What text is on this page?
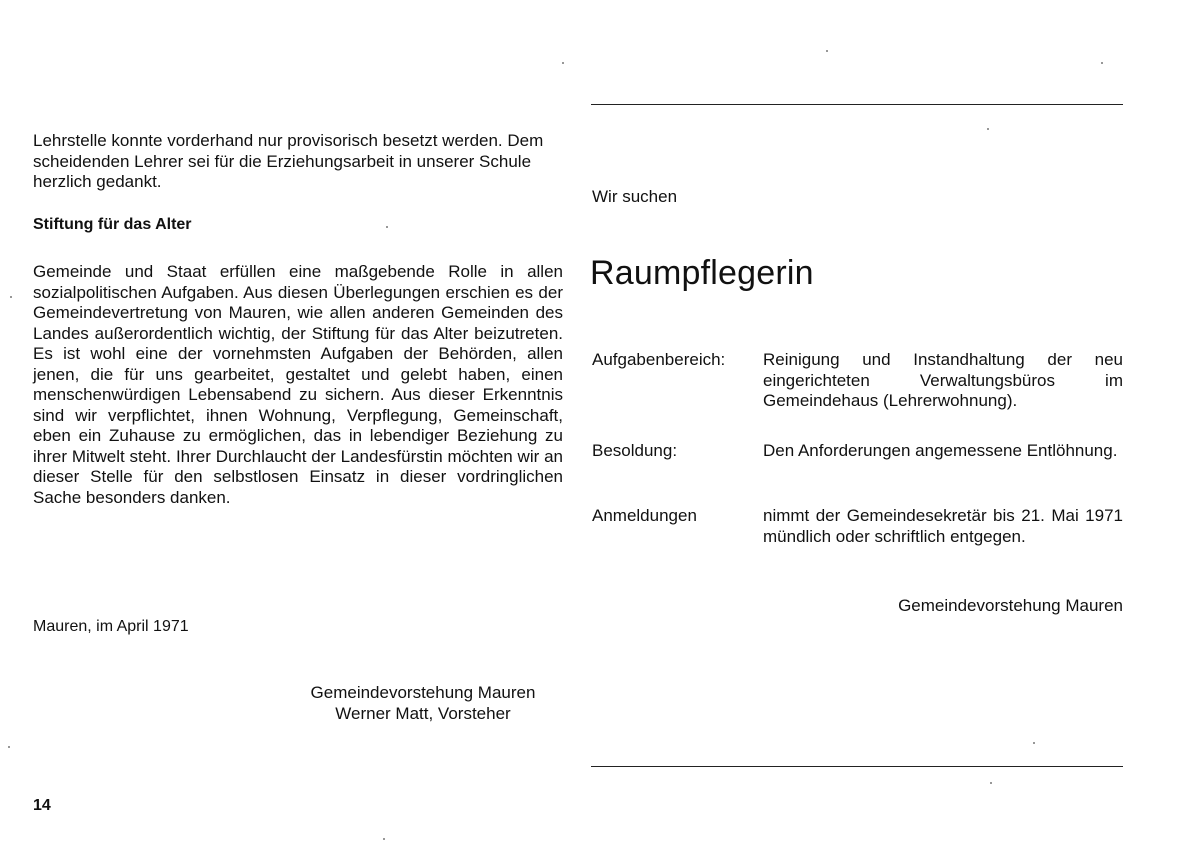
Lehrstelle konnte vorderhand nur provisorisch besetzt werden. Dem scheidenden Lehrer sei für die Erziehungsarbeit in unserer Schule herzlich gedankt.

Stiftung für das Alter

Gemeinde und Staat erfüllen eine maßgebende Rolle in allen sozialpolitischen Aufgaben. Aus diesen Überlegungen erschien es der Gemeindevertretung von Mauren, wie allen anderen Gemeinden des Landes außerordentlich wichtig, der Stiftung für das Alter beizutreten. Es ist wohl eine der vornehmsten Aufgaben der Behörden, allen jenen, die für uns gearbeitet, gestaltet und gelebt haben, einen menschenwürdigen Lebensabend zu sichern. Aus dieser Erkenntnis sind wir verpflichtet, ihnen Wohnung, Verpflegung, Gemeinschaft, eben ein Zuhause zu ermöglichen, das in lebendiger Beziehung zu ihrer Mitwelt steht. Ihrer Durchlaucht der Landesfürstin möchten wir an dieser Stelle für den selbstlosen Einsatz in dieser vordringlichen Sache besonders danken.

Mauren, im April 1971

Gemeindevorstehung Mauren
Werner Matt, Vorsteher
14

Wir suchen

Raumpflegerin
Aufgabenbereich:	Reinigung und Instandhaltung der neu eingerichteten Verwaltungsbüros im Gemeindehaus (Lehrerwohnung).
Besoldung:	Den Anforderungen angemessene Entlöhnung.
Anmeldungen	nimmt der Gemeindesekretär bis 21. Mai 1971 mündlich oder schriftlich entgegen.
Gemeindevorstehung Mauren
